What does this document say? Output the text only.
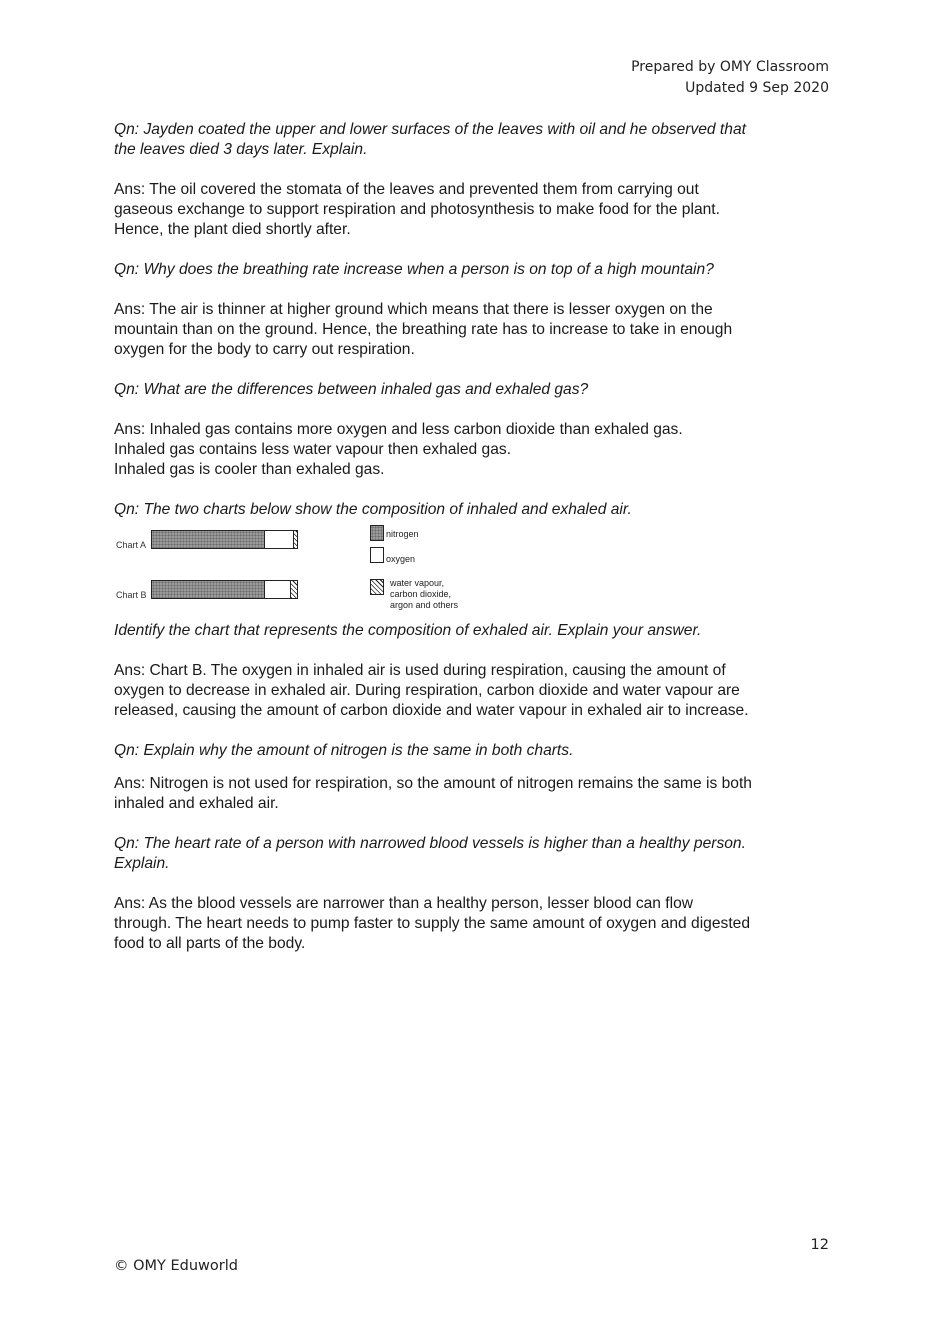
Prepared by OMY Classroom
Updated 9 Sep 2020

Qn: Jayden coated the upper and lower surfaces of the leaves with oil and he observed that
the leaves died 3 days later. Explain.

Ans: The oil covered the stomata of the leaves and prevented them from carrying out
gaseous exchange to support respiration and photosynthesis to make food for the plant.
Hence, the plant died shortly after.

Qn: Why does the breathing rate increase when a person is on top of a high mountain?

Ans: The air is thinner at higher ground which means that there is lesser oxygen on the
mountain than on the ground. Hence, the breathing rate has to increase to take in enough
oxygen for the body to carry out respiration.

Qn: What are the differences between inhaled gas and exhaled gas?

Ans: Inhaled gas contains more oxygen and less carbon dioxide than exhaled gas.
Inhaled gas contains less water vapour then exhaled gas.
Inhaled gas is cooler than exhaled gas.

Qn: The two charts below show the composition of inhaled and exhaled air.

Chart A
Chart B
nitrogen
oxygen
water vapour,
carbon dioxide,
argon and others

Identify the chart that represents the composition of exhaled air. Explain your answer.

Ans: Chart B. The oxygen in inhaled air is used during respiration, causing the amount of
oxygen to decrease in exhaled air. During respiration, carbon dioxide and water vapour are
released, causing the amount of carbon dioxide and water vapour in exhaled air to increase.

Qn: Explain why the amount of nitrogen is the same in both charts.

Ans: Nitrogen is not used for respiration, so the amount of nitrogen remains the same is both
inhaled and exhaled air.

Qn: The heart rate of a person with narrowed blood vessels is higher than a healthy person.
Explain.

Ans: As the blood vessels are narrower than a healthy person, lesser blood can flow
through. The heart needs to pump faster to supply the same amount of oxygen and digested
food to all parts of the body.

12
© OMY Eduworld
